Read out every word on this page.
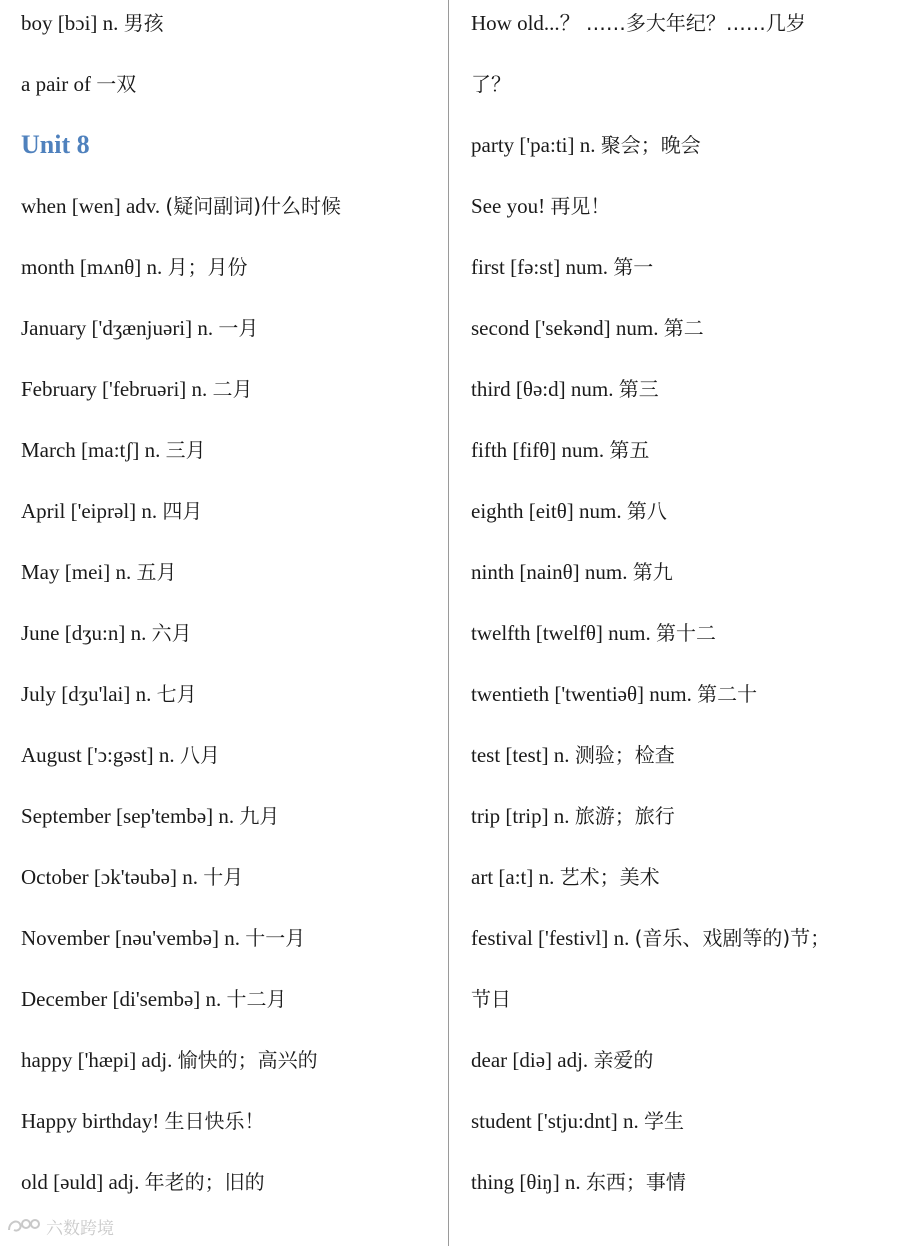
boy [bɔi] n. 男孩
a pair of 一双
Unit 8
when [wen] adv. (疑问副词)什么时候
month [mʌnθ] n. 月；月份
January ['dʒænjuəri] n. 一月
February ['februəri] n. 二月
March [ma:tʃ] n. 三月
April ['eiprəl] n. 四月
May [mei] n. 五月
June [dʒu:n] n. 六月
July [dʒu'lai] n. 七月
August ['ɔ:gəst] n. 八月
September [sep'tembə] n. 九月
October [ɔk'təubə] n. 十月
November [nəu'vembə] n. 十一月
December [di'sembə] n. 十二月
happy ['hæpi] adj. 愉快的；高兴的
Happy birthday! 生日快乐！
old [əuld] adj. 年老的；旧的
How old...？ ……多大年纪？……几岁
了？
party ['pa:ti] n. 聚会；晚会
See you! 再见！
first [fə:st] num. 第一
second ['sekənd] num. 第二
third [θə:d] num. 第三
fifth [fifθ] num. 第五
eighth [eitθ] num. 第八
ninth [nainθ] num. 第九
twelfth [twelfθ] num. 第十二
twentieth ['twentiəθ] num. 第二十
test [test] n. 测验；检查
trip [trip] n. 旅游；旅行
art [a:t] n. 艺术；美术
festival ['festivl] n. (音乐、戏剧等的)节；
节日
dear [diə] adj. 亲爱的
student ['stju:dnt] n. 学生
thing [θiŋ] n. 东西；事情
六数跨境
